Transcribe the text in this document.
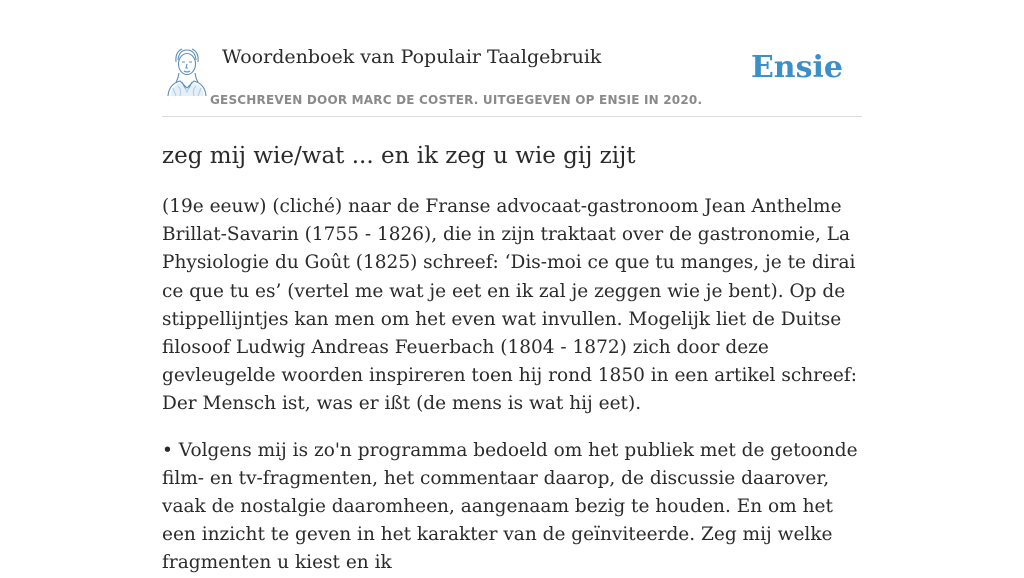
Woordenboek van Populair Taalgebruik
GESCHREVEN DOOR MARC DE COSTER. UITGEGEVEN OP ENSIE IN 2020.
Ensie
zeg mij wie/wat ... en ik zeg u wie gij zijt

(19e eeuw) (cliché) naar de Franse advocaat-gastronoom Jean Anthelme Brillat-Savarin (1755 - 1826), die in zijn traktaat over de gastronomie, La Physiologie du Goût (1825) schreef: ‘Dis-moi ce que tu manges, je te dirai ce que tu es’ (vertel me wat je eet en ik zal je zeggen wie je bent). Op de stippellijntjes kan men om het even wat invullen. Mogelijk liet de Duitse filosoof Ludwig Andreas Feuerbach (1804 - 1872) zich door deze gevleugelde woorden inspireren toen hij rond 1850 in een artikel schreef: Der Mensch ist, was er ißt (de mens is wat hij eet).

• Volgens mij is zo'n programma bedoeld om het publiek met de getoonde film- en tv-fragmenten, het commentaar daarop, de discussie daarover, vaak de nostalgie daaromheen, aangenaam bezig te houden. En om het een inzicht te geven in het karakter van de geïnviteerde. Zeg mij welke fragmenten u kiest en ik
